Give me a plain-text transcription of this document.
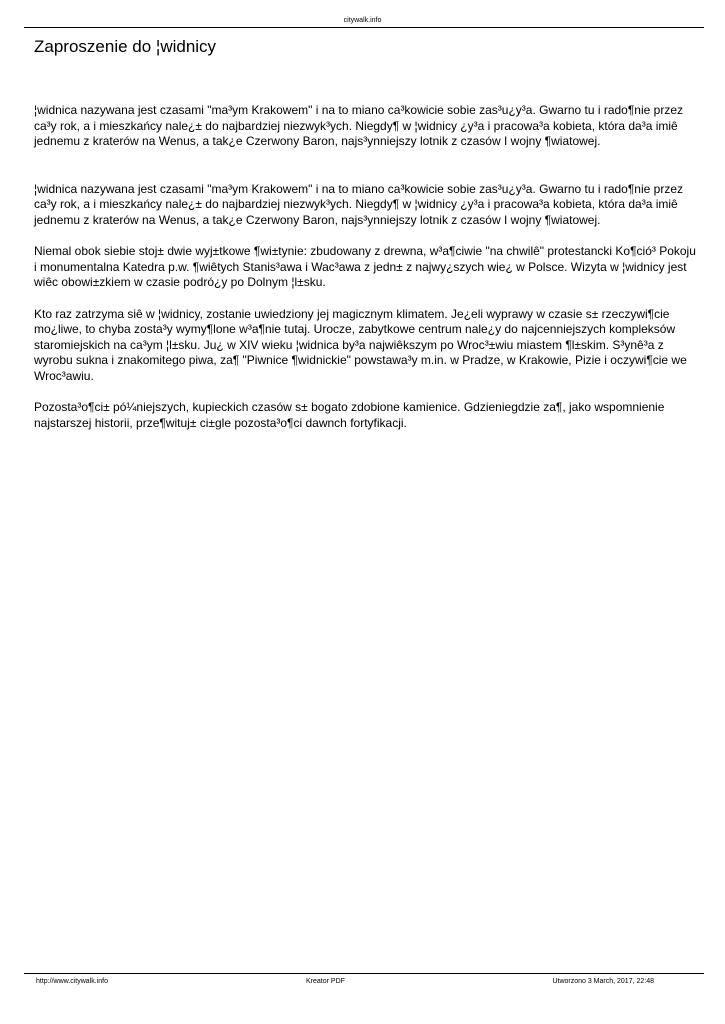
citywalk.info
Zaproszenie do ¦widnicy

¦widnica nazywana jest czasami "ma³ym Krakowem" i na to miano ca³kowicie sobie zas³u¿y³a. Gwarno tu i rado¶nie przez ca³y rok, a i mieszkańcy nale¿± do najbardziej niezwyk³ych. Niegdy¶ w ¦widnicy ¿y³a i pracowa³a kobieta, która da³a imiê jednemu z kraterów na Wenus, a tak¿e Czerwony Baron, najs³ynniejszy lotnik z czasów I wojny ¶wiatowej.

¦widnica nazywana jest czasami "ma³ym Krakowem" i na to miano ca³kowicie sobie zas³u¿y³a. Gwarno tu i rado¶nie przez ca³y rok, a i mieszkańcy nale¿± do najbardziej niezwyk³ych. Niegdy¶ w ¦widnicy ¿y³a i pracowa³a kobieta, która da³a imiê jednemu z kraterów na Wenus, a tak¿e Czerwony Baron, najs³ynniejszy lotnik z czasów I wojny ¶wiatowej.

Niemal obok siebie stoj± dwie wyj±tkowe ¶wi±tynie: zbudowany z drewna, w³a¶ciwie "na chwilê" protestancki Ko¶ció³ Pokoju i monumentalna Katedra p.w. ¶wiêtych Stanis³awa i Wac³awa z jedn± z najwy¿szych wie¿ w Polsce. Wizyta w ¦widnicy jest wiêc obowi±zkiem w czasie podró¿y po Dolnym ¦l±sku.

Kto raz zatrzyma siê w ¦widnicy, zostanie uwiedziony jej magicznym klimatem. Je¿eli wyprawy w czasie s± rzeczywi¶cie mo¿liwe, to chyba zosta³y wymy¶lone w³a¶nie tutaj. Urocze, zabytkowe centrum nale¿y do najcenniejszych kompleksów staromiejskich na ca³ym ¦l±sku. Ju¿ w XIV wieku ¦widnica by³a najwiêkszym po Wroc³±wiu miastem ¶l±skim. S³ynê³a z wyrobu sukna i znakomitego piwa, za¶ "Piwnice ¶widnickie" powstawa³y m.in. w Pradze, w Krakowie, Pizie i oczywi¶cie we Wroc³awiu.

Pozosta³o¶ci± pó¼niejszych, kupieckich czasów s± bogato zdobione kamienice. Gdzieniegdzie za¶, jako wspomnienie najstarszej historii, prze¶wituj± ci±gle pozosta³o¶ci dawnch fortyfikacji.

http://www.citywalk.info	Kreator PDF	Utworzono 3 March, 2017, 22:48
